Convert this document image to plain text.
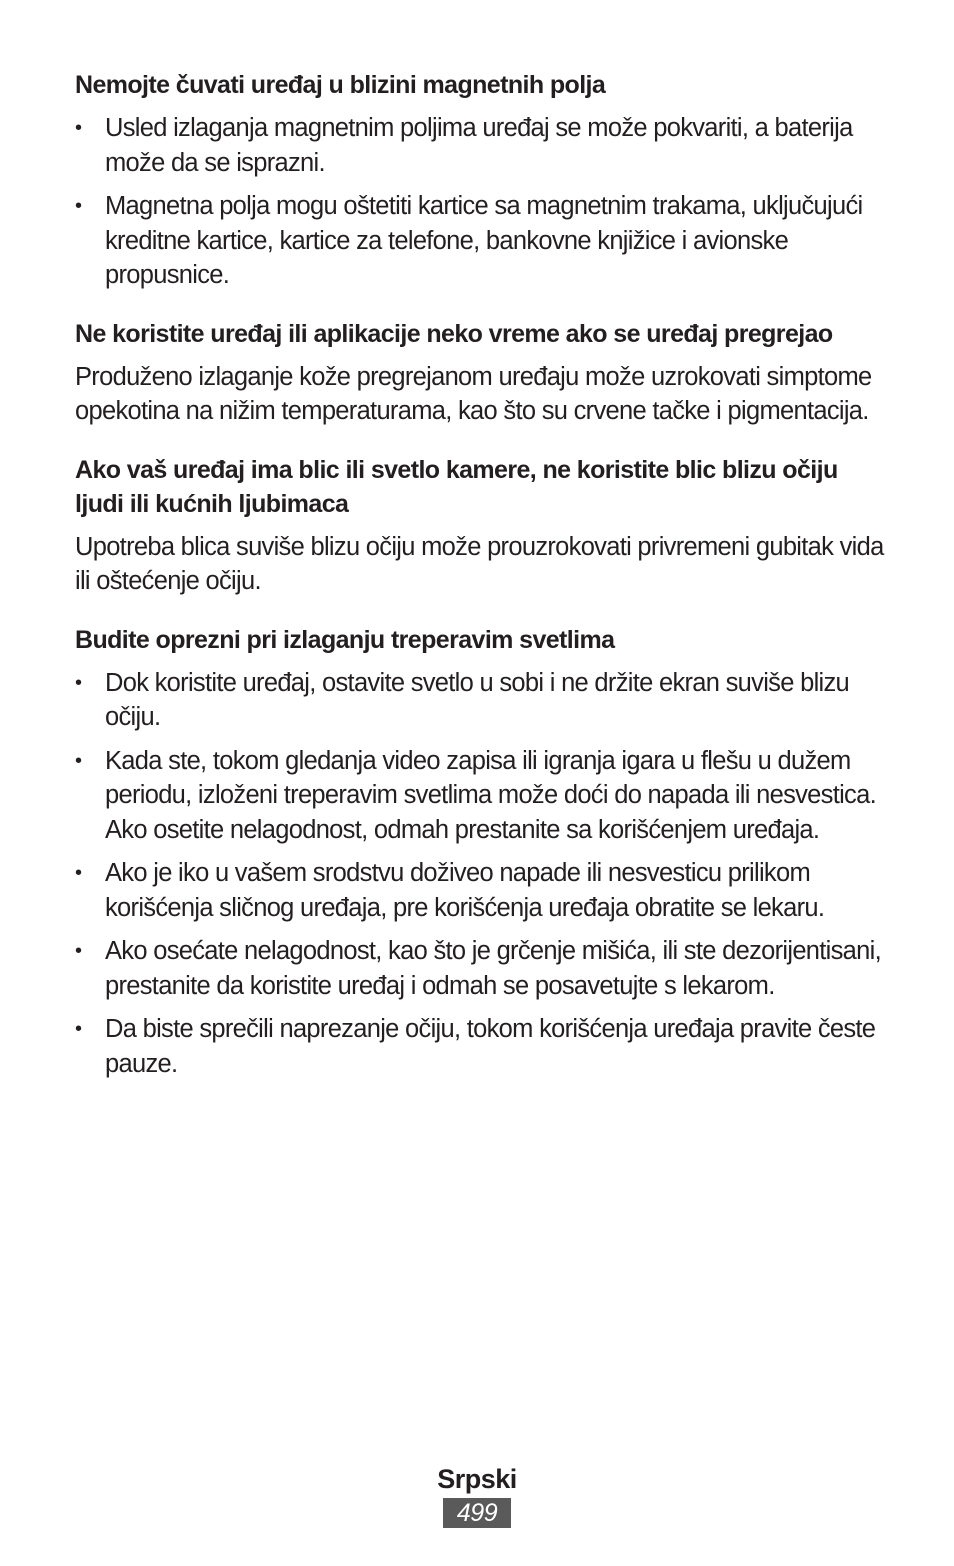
Nemojte čuvati uređaj u blizini magnetnih polja
• Usled izlaganja magnetnim poljima uređaj se može pokvariti, a baterija može da se isprazni.
• Magnetna polja mogu oštetiti kartice sa magnetnim trakama, uključujući kreditne kartice, kartice za telefone, bankovne knjižice i avionske propusnice.
Ne koristite uređaj ili aplikacije neko vreme ako se uređaj pregrejao

Produženo izlaganje kože pregrejanom uređaju može uzrokovati simptome opekotina na nižim temperaturama, kao što su crvene tačke i pigmentacija.

Ako vaš uređaj ima blic ili svetlo kamere, ne koristite blic blizu očiju ljudi ili kućnih ljubimaca

Upotreba blica suviše blizu očiju može prouzrokovati privremeni gubitak vida ili oštećenje očiju.

Budite oprezni pri izlaganju treperavim svetlima
• Dok koristite uređaj, ostavite svetlo u sobi i ne držite ekran suviše blizu očiju.
• Kada ste, tokom gledanja video zapisa ili igranja igara u flešu u dužem periodu, izloženi treperavim svetlima može doći do napada ili nesvestica. Ako osetite nelagodnost, odmah prestanite sa korišćenjem uređaja.
• Ako je iko u vašem srodstvu doživeo napade ili nesvesticu prilikom korišćenja sličnog uređaja, pre korišćenja uređaja obratite se lekaru.
• Ako osećate nelagodnost, kao što je grčenje mišića, ili ste dezorijentisani, prestanite da koristite uređaj i odmah se posavetujte s lekarom.
• Da biste sprečili naprezanje očiju, tokom korišćenja uređaja pravite česte pauze.
Srpski
499
